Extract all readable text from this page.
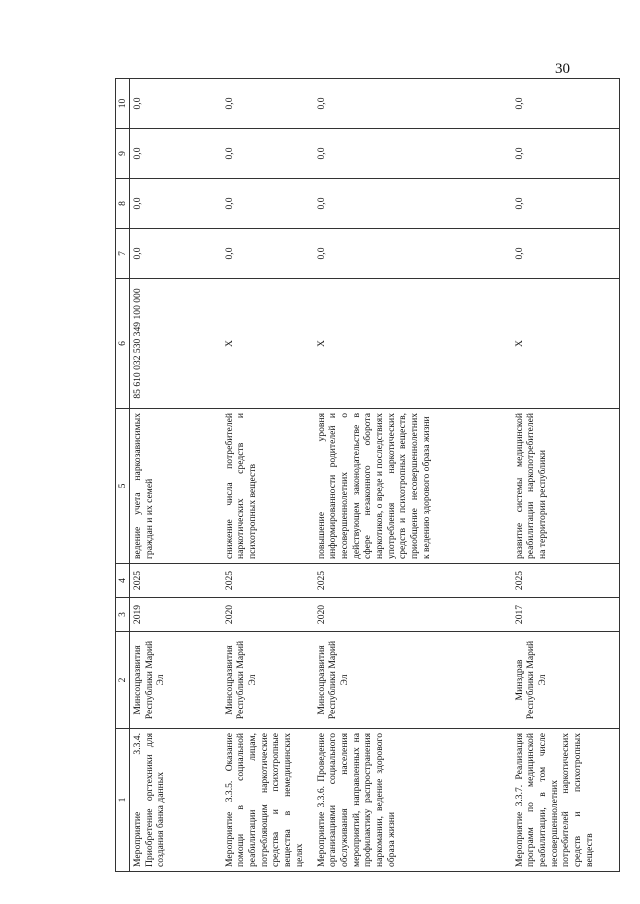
30
1	2	3	4	5	6	7	8	9	10
Мероприятие 3.3.4. Приобретение оргтехники для создания банка данных	Минсоцразвития Республики Марий Эл	2019	2025	ведение учета наркозависимых граждан и их семей	85 610 032 530 349 100 000	0,0	0,0	0,0	0,0
Мероприятие 3.3.5. Оказание помощи в социальной реабилитации лицам, потребляющим наркотические средства и психотропные вещества в немедицинских целях	Минсоцразвития Республики Марий Эл	2020	2025	снижение числа потребителей наркотических средств и психотропных веществ	X	0,0	0,0	0,0	0,0
Мероприятие 3.3.6. Проведение организациями социального обслуживания населения мероприятий, направленных на профилактику распространения наркомании, ведение здорового образа жизни	Минсоцразвития Республики Марий Эл	2020	2025	повышение уровня информированности родителей и несовершеннолетних о действующем законодательстве в сфере незаконного оборота наркотиков, о вреде и последствиях употребления наркотических средств и психотропных веществ, приобщение несовершеннолетних к ведению здорового образа жизни	X	0,0	0,0	0,0	0,0
Мероприятие 3.3.7. Реализация программ по медицинской реабилитации, в том числе несовершеннолетних потребителей наркотических средств и психотропных веществ	Минздрав Республики Марий Эл	2017	2025	развитие системы медицинской реабилитации наркопотребителей на территории республики	X	0,0	0,0	0,0	0,0
